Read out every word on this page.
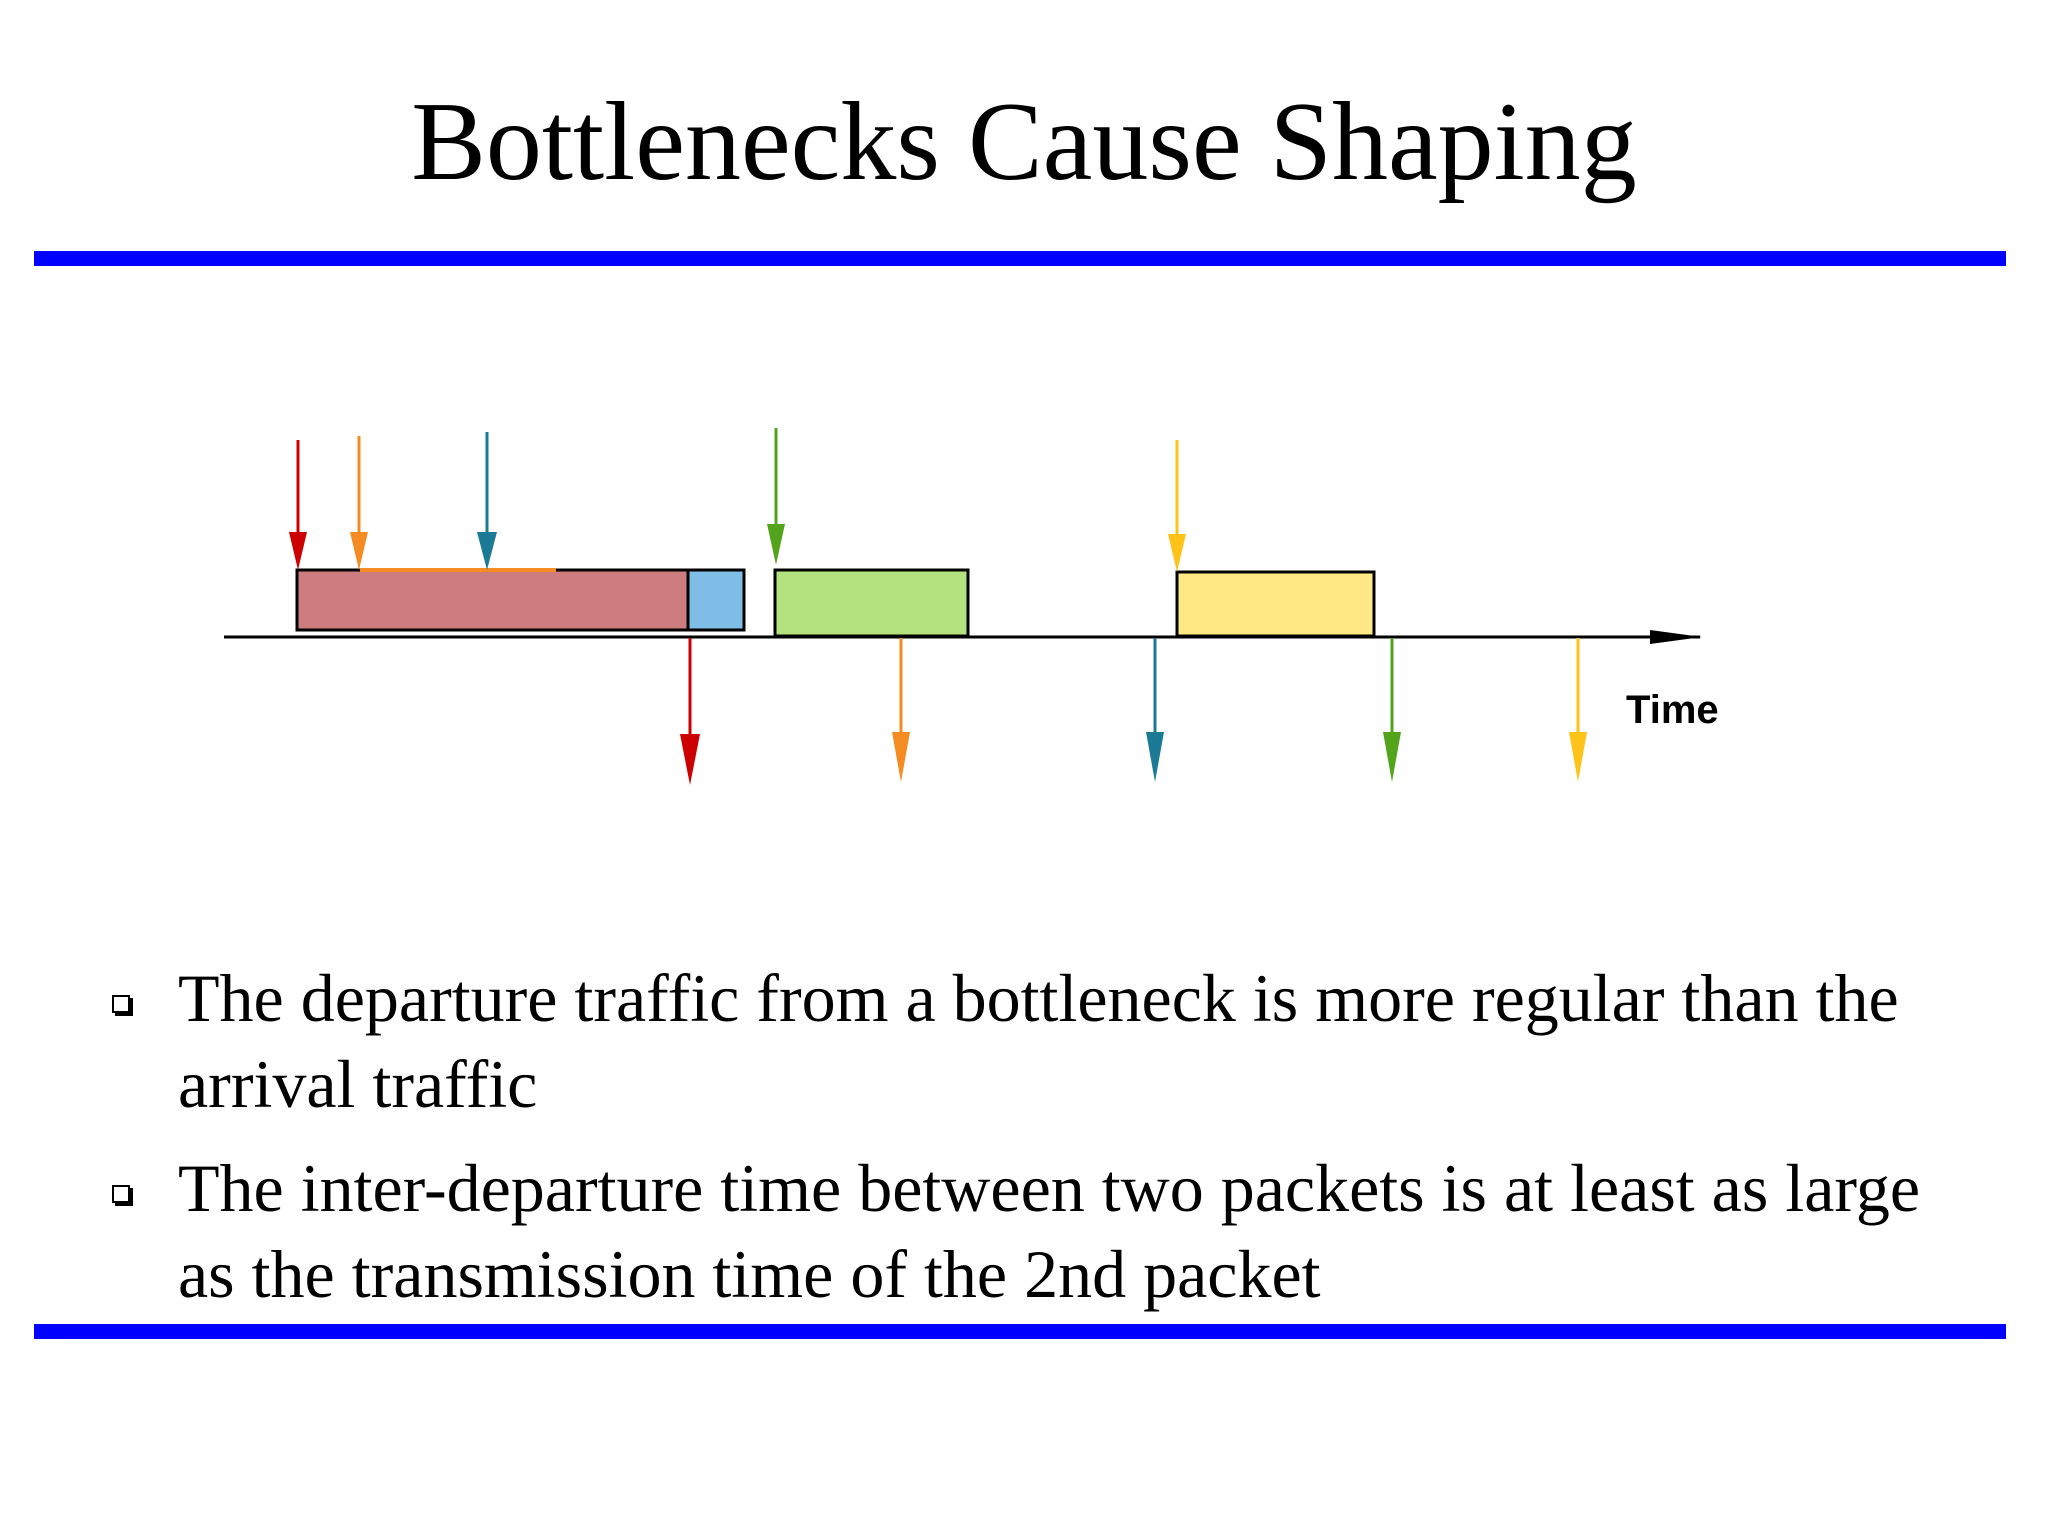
Bottlenecks Cause Shaping
Time
The departure traffic from a bottleneck is more regular than the arrival traffic
The inter-departure time between two packets is at least as large as the transmission time of the 2nd packet
